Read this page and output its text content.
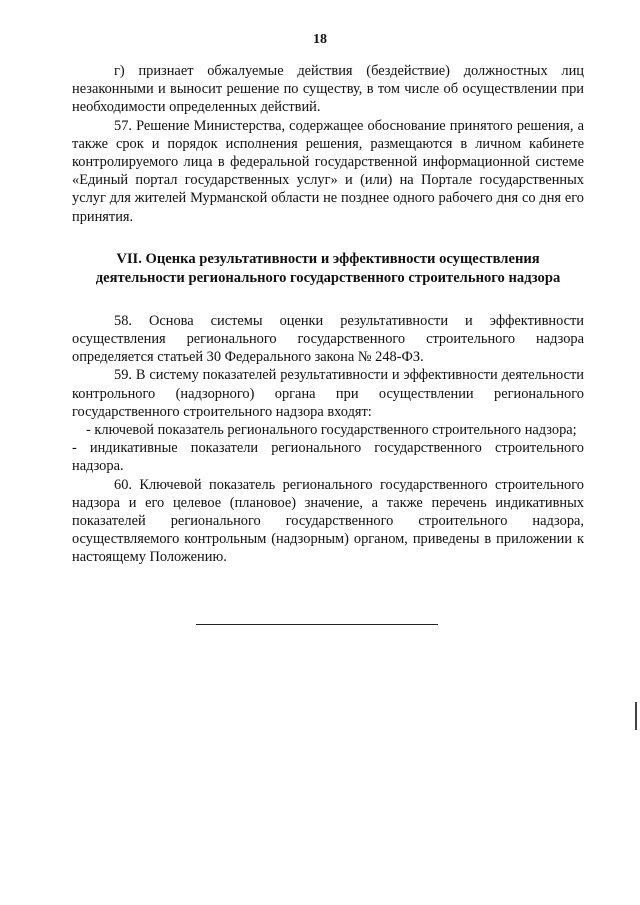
18

г) признает обжалуемые действия (бездействие) должностных лиц незаконными и выносит решение по существу, в том числе об осуществлении при необходимости определенных действий.

57. Решение Министерства, содержащее обоснование принятого решения, а также срок и порядок исполнения решения, размещаются в личном кабинете контролируемого лица в федеральной государственной информационной системе «Единый портал государственных услуг» и (или) на Портале государственных услуг для жителей Мурманской области не позднее одного рабочего дня со дня его принятия.

VII. Оценка результативности и эффективности осуществления
деятельности регионального государственного строительного надзора

58. Основа системы оценки результативности и эффективности осуществления регионального государственного строительного надзора определяется статьей 30 Федерального закона № 248-ФЗ.

59. В систему показателей результативности и эффективности деятельности контрольного (надзорного) органа при осуществлении регионального государственного строительного надзора входят:

- ключевой показатель регионального государственного строительного надзора;

- индикативные показатели регионального государственного строительного надзора.

60. Ключевой показатель регионального государственного строительного надзора и его целевое (плановое) значение, а также перечень индикативных показателей регионального государственного строительного надзора, осуществляемого контрольным (надзорным) органом, приведены в приложении к настоящему Положению.
